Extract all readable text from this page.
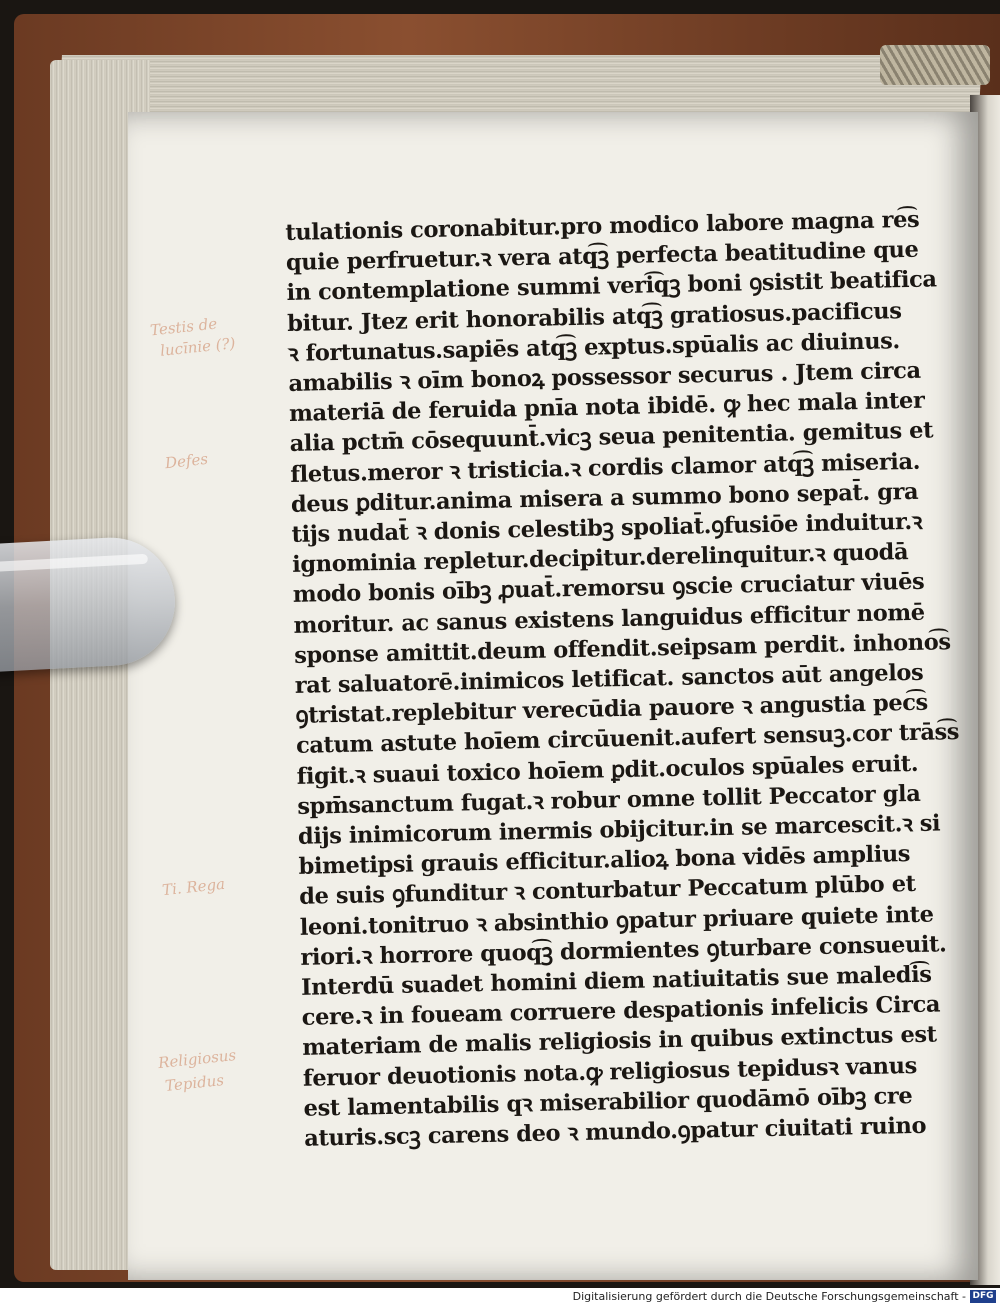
Testis de
lucīnie (?)
Defes
Ti. Rega
Religiosus
Tepidus
tulationis coronabitur.pro modico labore magna re͡s
quie perfruetur.ꝛ vera atq͡ꝫ perfecta beatitudine que
in contemplatione summi veri͡qꝫ boni ꝯsistit beatifica
bitur. Jtez erit honorabilis atq͡ꝫ gratiosus.pacificus
ꝛ fortunatus.sapiēs atq͡ꝫ exptus.spūalis ac diuinus.
amabilis ꝛ oīm bonoꝝ possessor securus . Jtem circa
materiā de feruida pnīa nota ibidē. ꝙ hec mala inter
alia pctm̄ cōsequunt̄.vicꝫ seua penitentia. gemitus et
fletus.meror ꝛ tristicia.ꝛ cordis clamor atq͡ꝫ miseria.
deus ꝑditur.anima misera a summo bono sepat̄. gra
tijs nudat̄ ꝛ donis celestibꝫ spoliat̄.ꝯfusiōe induitur.ꝛ
ignominia repletur.decipitur.derelinquitur.ꝛ quodā
modo bonis oībꝫ ꝓuat̄.remorsu ꝯscie cruciatur viuēs
moritur. ac sanus existens languidus efficitur nomē
sponse amittit.deum offendit.seipsam perdit. inhono͡s
rat saluatorē.inimicos letificat. sanctos aūt angelos
ꝯtristat.replebitur verecūdia pauore ꝛ angustia pec͡s
catum astute hoīem circūuenit.aufert sensuꝫ.cor trās͡s
figit.ꝛ suaui toxico hoīem ꝑdit.oculos spūales eruit.
spm̄sanctum fugat.ꝛ robur omne tollit Peccator gla
dijs inimicorum inermis obijcitur.in se marcescit.ꝛ si
bimetipsi grauis efficitur.alioꝝ bona vidēs amplius
de suis ꝯfunditur ꝛ conturbatur Peccatum plūbo et
leoni.tonitruo ꝛ absinthio ꝯpatur priuare quiete inte
riori.ꝛ horrore quoq͡ꝫ dormientes ꝯturbare consueuit.
Interdū suadet homini diem natiuitatis sue maledi͡s
cere.ꝛ in foueam corruere despationis infelicis Circa
materiam de malis religiosis in quibus extinctus est
feruor deuotionis nota.ꝙ religiosus tepidusꝛ vanus
est lamentabilis qꝛ miserabilior quodāmō oībꝫ cre
aturis.scꝫ carens deo ꝛ mundo.ꝯpatur ciuitati ruino
Digitalisierung gefördert durch die Deutsche Forschungsgemeinschaft - DFG
